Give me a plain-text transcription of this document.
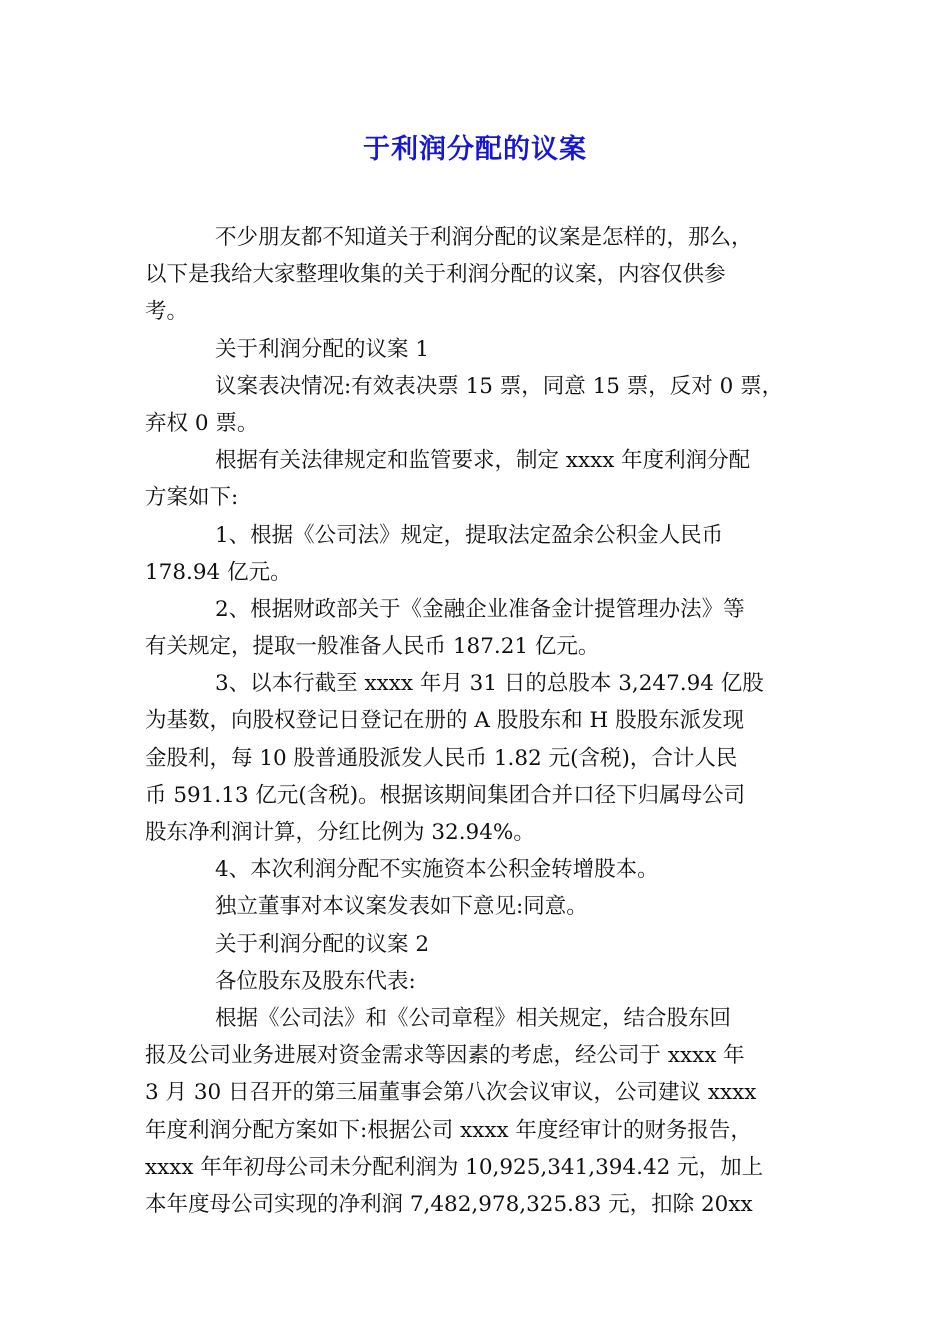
于利润分配的议案
不少朋友都不知道关于利润分配的议案是怎样的，那么，
以下是我给大家整理收集的关于利润分配的议案，内容仅供参
考。
关于利润分配的议案 1
议案表决情况:有效表决票 15 票，同意 15 票，反对 0 票，
弃权 0 票。
根据有关法律规定和监管要求，制定 xxxx 年度利润分配
方案如下:
1、根据《公司法》规定，提取法定盈余公积金人民币
178.94 亿元。
2、根据财政部关于《金融企业准备金计提管理办法》等
有关规定，提取一般准备人民币 187.21 亿元。
3、以本行截至 xxxx 年月 31 日的总股本 3,247.94 亿股
为基数，向股权登记日登记在册的 A 股股东和 H 股股东派发现
金股利，每 10 股普通股派发人民币 1.82 元(含税)，合计人民
币 591.13 亿元(含税)。根据该期间集团合并口径下归属母公司
股东净利润计算，分红比例为 32.94%。
4、本次利润分配不实施资本公积金转增股本。
独立董事对本议案发表如下意见:同意。
关于利润分配的议案 2
各位股东及股东代表:
根据《公司法》和《公司章程》相关规定，结合股东回
报及公司业务进展对资金需求等因素的考虑，经公司于 xxxx 年
3 月 30 日召开的第三届董事会第八次会议审议，公司建议 xxxx
年度利润分配方案如下:根据公司 xxxx 年度经审计的财务报告，
xxxx 年年初母公司未分配利润为 10,925,341,394.42 元，加上
本年度母公司实现的净利润 7,482,978,325.83 元，扣除 20xx
